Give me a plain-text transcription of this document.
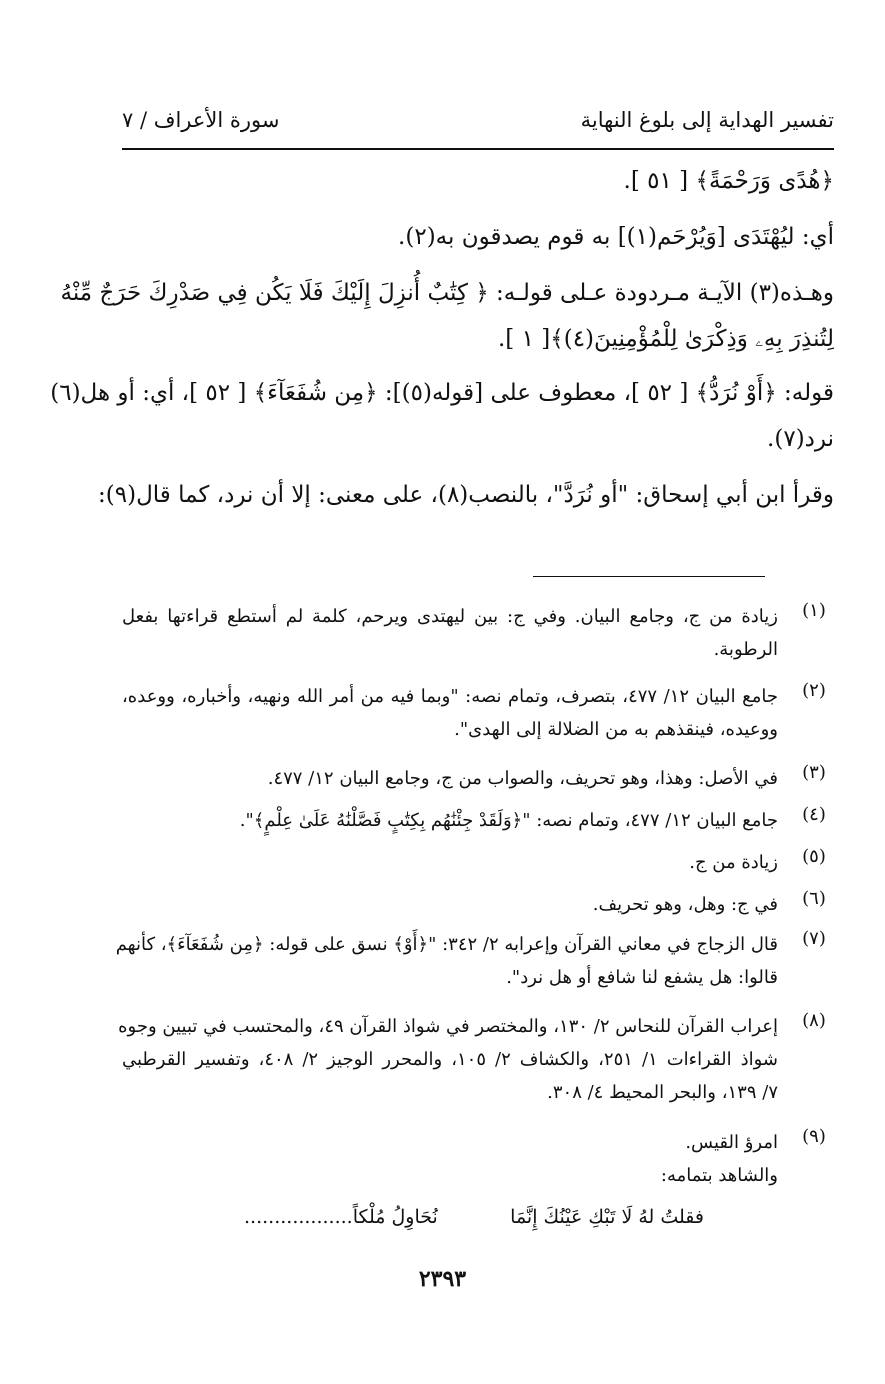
تفسير الهداية إلى بلوغ النهاية
سورة الأعراف / ٧
﴿هُدًى وَرَحْمَةً﴾ [ ٥١ ].
أي: ليُهْتَدَى [وَيُرْحَم(١)] به قوم يصدقون به(٢).
وهـذه(٣) الآيـة مـردودة عـلى قولـه: ﴿ كِتَٰبٌ أُنزِلَ إِلَيْكَ فَلَا يَكُن فِي صَدْرِكَ حَرَجٌ مِّنْهُ
لِتُنذِرَ بِهِۦ وَذِكْرَىٰ لِلْمُؤْمِنِينَ(٤)﴾[ ١ ].
قوله: ﴿أَوْ نُرَدُّ﴾ [ ٥٢ ]، معطوف على [قوله(٥)]: ﴿مِن شُفَعَآءَ﴾ [ ٥٢ ]، أي: أو هل(٦)
نرد(٧).
وقرأ ابن أبي إسحاق: "أو نُرَدَّ"، بالنصب(٨)، على معنى: إلا أن نرد، كما قال(٩):
(١)
زيادة من ج، وجامع البيان. وفي ج: بين ليهتدى ويرحم، كلمة لم أستطع قراءتها بفعل
الرطوبة.
(٢)
جامع البيان ١٢/ ٤٧٧، بتصرف، وتمام نصه: "وبما فيه من أمر الله ونهيه، وأخباره، ووعده،
ووعيده، فينقذهم به من الضلالة إلى الهدى".
(٣)
في الأصل: وهذا، وهو تحريف، والصواب من ج، وجامع البيان ١٢/ ٤٧٧.
(٤)
جامع البيان ١٢/ ٤٧٧، وتمام نصه: "﴿وَلَقَدْ جِئْنَٰهُم بِكِتَٰبٍ فَصَّلْنَٰهُ عَلَىٰ عِلْمٍ﴾".
(٥)
زيادة من ج.
(٦)
في ج: وهل، وهو تحريف.
(٧)
قال الزجاج في معاني القرآن وإعرابه ٢/ ٣٤٢: "﴿أَوْ﴾ نسق على قوله: ﴿مِن شُفَعَآءَ﴾، كأنهم
قالوا: هل يشفع لنا شافع أو هل نرد".
(٨)
إعراب القرآن للنحاس ٢/ ١٣٠، والمختصر في شواذ القرآن ٤٩، والمحتسب في تبيين وجوه
شواذ القراءات ١/ ٢٥١، والكشاف ٢/ ١٠٥، والمحرر الوجيز ٢/ ٤٠٨، وتفسير القرطبي
٧/ ١٣٩، والبحر المحيط ٤/ ٣٠٨.
(٩)
امرؤ القيس.
والشاهد بتمامه:
فقلتُ لهُ لَا تَبْكِ عَيْنُكَ إِنَّمَا
نُحَاوِلُ مُلْكاً..................
٢٣٩٣
